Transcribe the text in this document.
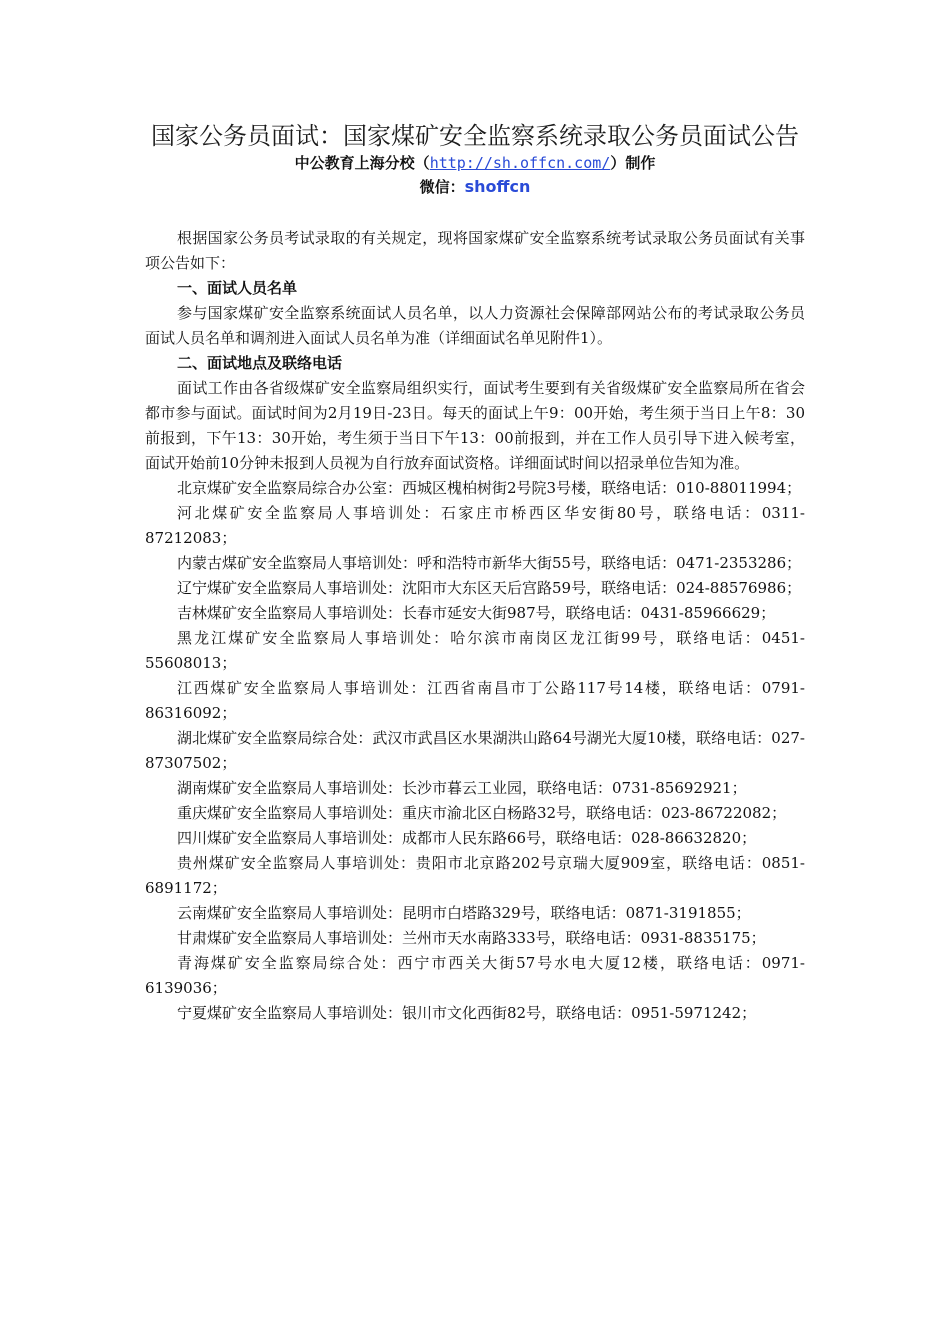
国家公务员面试：国家煤矿安全监察系统录取公务员面试公告
中公教育上海分校（http://sh.offcn.com/）制作
微信：shoffcn

根据国家公务员考试录取的有关规定，现将国家煤矿安全监察系统考试录取公务员面试有关事项公告如下：

一、面试人员名单

参与国家煤矿安全监察系统面试人员名单，以人力资源社会保障部网站公布的考试录取公务员面试人员名单和调剂进入面试人员名单为准（详细面试名单见附件1）。

二、面试地点及联络电话

面试工作由各省级煤矿安全监察局组织实行，面试考生要到有关省级煤矿安全监察局所在省会都市参与面试。面试时间为2月19日-23日。每天的面试上午9：00开始，考生须于当日上午8：30前报到，下午13：30开始，考生须于当日下午13：00前报到，并在工作人员引导下进入候考室，面试开始前10分钟未报到人员视为自行放弃面试资格。详细面试时间以招录单位告知为准。

北京煤矿安全监察局综合办公室：西城区槐柏树街2号院3号楼，联络电话：010-88011994；

河北煤矿安全监察局人事培训处：石家庄市桥西区华安街80号，联络电话：0311-87212083；

内蒙古煤矿安全监察局人事培训处：呼和浩特市新华大街55号，联络电话：0471-2353286；

辽宁煤矿安全监察局人事培训处：沈阳市大东区天后宫路59号，联络电话：024-88576986；

吉林煤矿安全监察局人事培训处：长春市延安大街987号，联络电话：0431-85966629；

黑龙江煤矿安全监察局人事培训处：哈尔滨市南岗区龙江街99号，联络电话：0451-55608013；

江西煤矿安全监察局人事培训处：江西省南昌市丁公路117号14楼，联络电话：0791-86316092；

湖北煤矿安全监察局综合处：武汉市武昌区水果湖洪山路64号湖光大厦10楼，联络电话：027-87307502；

湖南煤矿安全监察局人事培训处：长沙市暮云工业园，联络电话：0731-85692921；

重庆煤矿安全监察局人事培训处：重庆市渝北区白杨路32号，联络电话：023-86722082；

四川煤矿安全监察局人事培训处：成都市人民东路66号，联络电话：028-86632820；

贵州煤矿安全监察局人事培训处：贵阳市北京路202号京瑞大厦909室，联络电话：0851-6891172；

云南煤矿安全监察局人事培训处：昆明市白塔路329号，联络电话：0871-3191855；

甘肃煤矿安全监察局人事培训处：兰州市天水南路333号，联络电话：0931-8835175；

青海煤矿安全监察局综合处：西宁市西关大街57号水电大厦12楼，联络电话：0971-6139036；

宁夏煤矿安全监察局人事培训处：银川市文化西街82号，联络电话：0951-5971242；
